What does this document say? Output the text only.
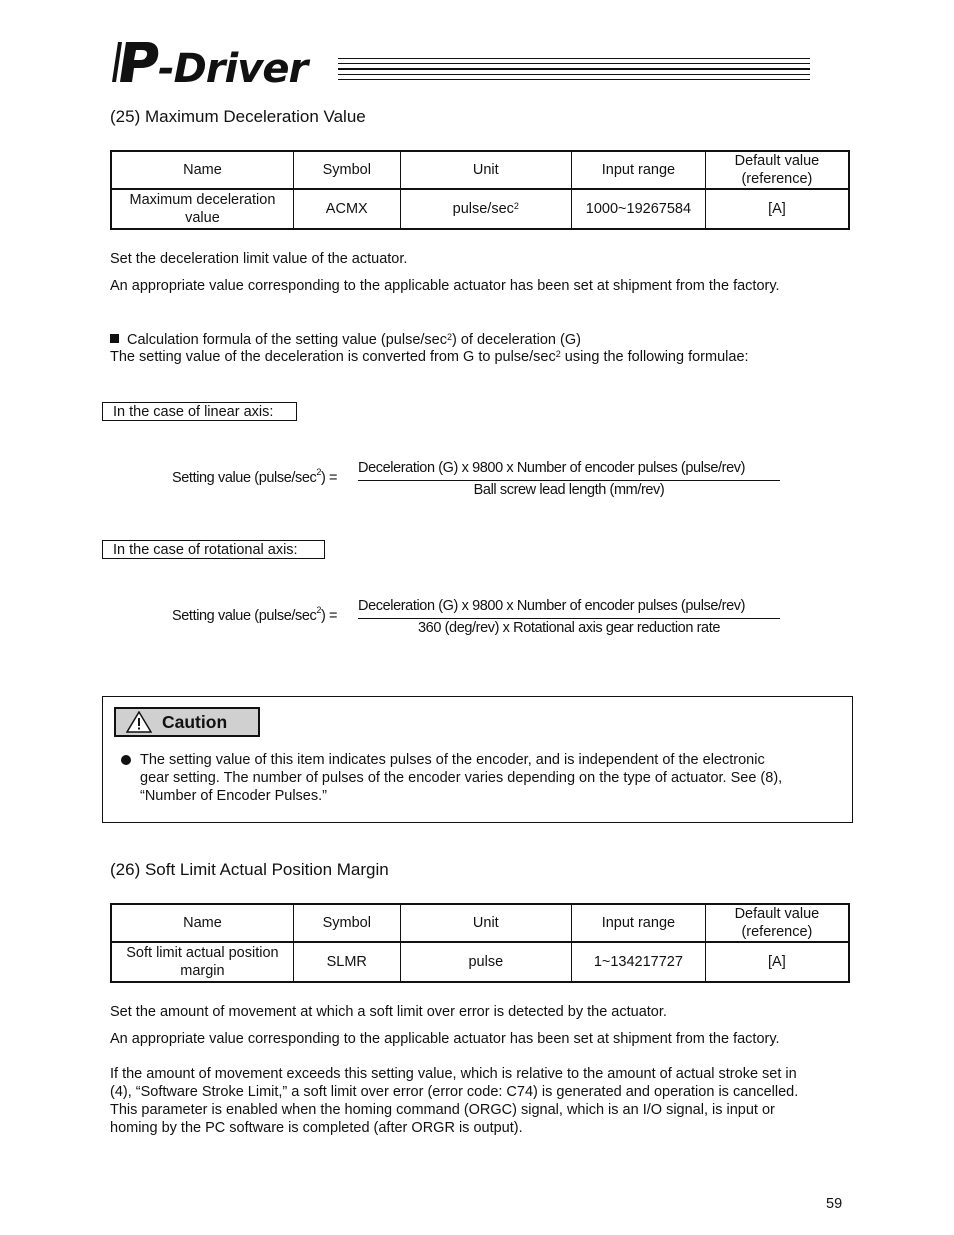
-Driver
(25) Maximum Deceleration Value
Name	Symbol	Unit	Input range	Default value
(reference)
Maximum deceleration
value	ACMX	pulse/$\sec^2$	1000~19267584	[A]
Set the deceleration limit value of the actuator.
An appropriate value corresponding to the applicable actuator has been set at shipment from the factory.
Calculation formula of the setting value $(pulse/\sec^2)$ of deceleration (G)
The setting value of the deceleration is converted from G to pulse/$\sec^2$ using the following formulae:
In the case of linear axis:
Setting value $(pulse/\sec^2)$ =
Deceleration (G) x 9800 x Number of encoder pulses (pulse/rev)
Ball screw lead length (mm/rev)
In the case of rotational axis:
Setting value $(pulse/\sec^2)$ =
Deceleration (G) x 9800 x Number of encoder pulses (pulse/rev)
360 (deg/rev) x Rotational axis gear reduction rate
Caution
The setting value of this item indicates pulses of the encoder, and is independent of the electronic
gear setting. The number of pulses of the encoder varies depending on the type of actuator. See (8),
“Number of Encoder Pulses.”
(26) Soft Limit Actual Position Margin
Name	Symbol	Unit	Input range	Default value
(reference)
Soft limit actual position
margin	SLMR	pulse	1~134217727	[A]
Set the amount of movement at which a soft limit over error is detected by the actuator.
An appropriate value corresponding to the applicable actuator has been set at shipment from the factory.
If the amount of movement exceeds this setting value, which is relative to the amount of actual stroke set in
(4), “Software Stroke Limit,” a soft limit over error (error code: C74) is generated and operation is cancelled.
This parameter is enabled when the homing command (ORGC) signal, which is an I/O signal, is input or
homing by the PC software is completed (after ORGR is output).
59
